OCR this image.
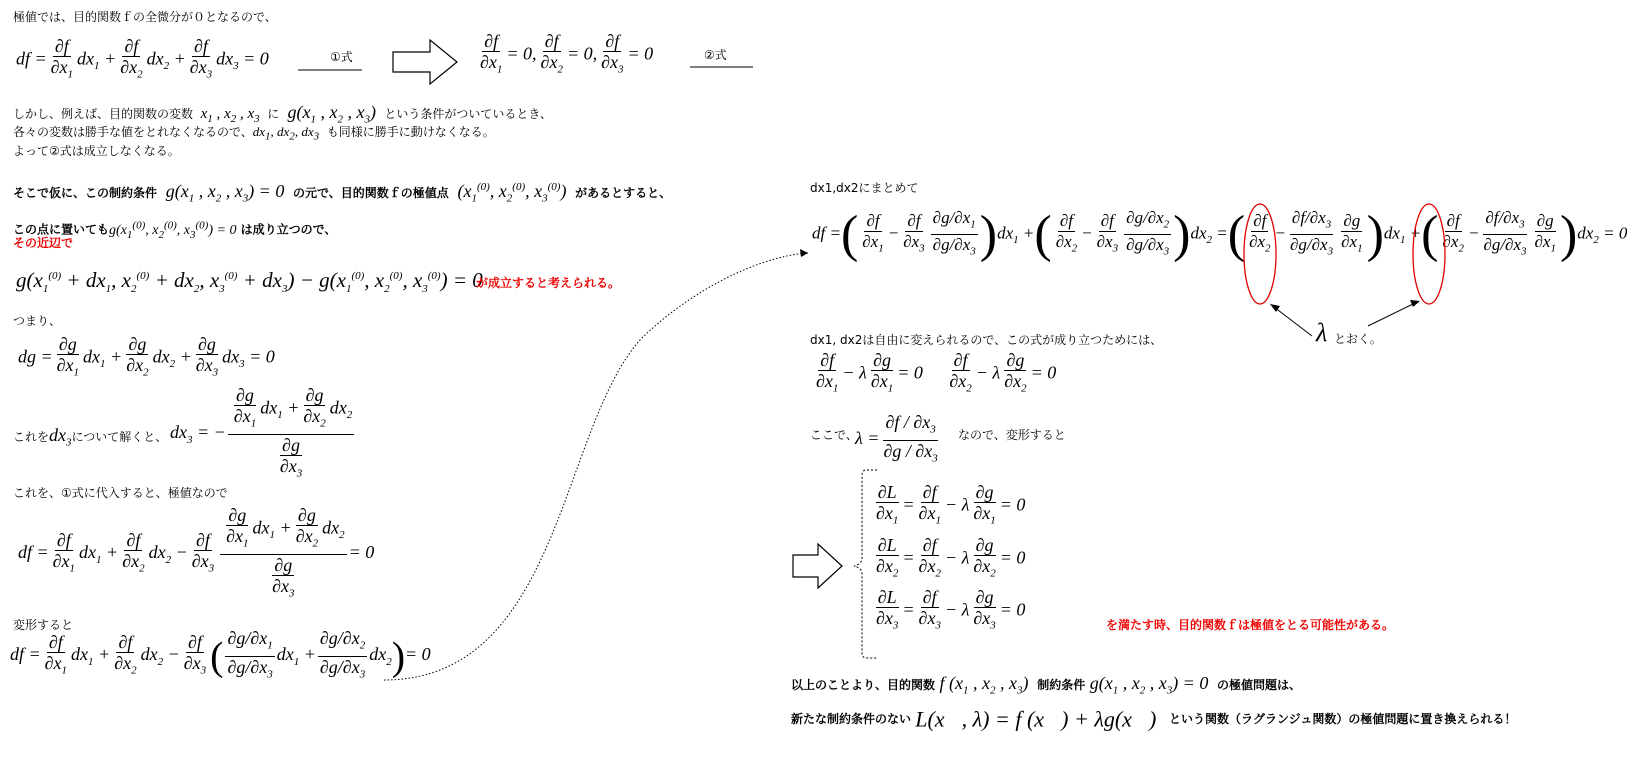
極値では、目的関数ｆの全微分が０となるので、
df = $\frac{\partial f}{\partial x_1} dx_1 + \frac{\partial f}{\partial x_2} dx_2 + \frac{\partial f}{\partial x_3} dx_3 = 0$	①式	$\frac{\partial f}{\partial x_1} = 0$, $\frac{\partial f}{\partial x_2} = 0$, $\frac{\partial f}{\partial x_3} = 0$	②式
しかし、例えば、目的関数の変数  $x_1$ , $x_2$ , $x_3$ に  $g(x_1$ , $x_2$ , $x_3$)  という条件がついているとき、
各々の変数は勝手な値をとれなくなるので、$dx_1$, $dx_2$, $dx_3$ も同様に勝手に動けなくなる。
よって②式は成立しなくなる。
そこで仮に、この制約条件  $g(x_1$ , $x_2$ , $x_3) = 0$  の元で、目的関数ｆの極値点  ($x_1^{(0)}$, $x_2^{(0)}$, $x_3^{(0)}$)  があるとすると、
この点に置いても$g(x_1^{(0)}$, $x_2^{(0)}$, $x_3^{(0)}) = 0$ は成り立つので、
その近辺で
$g(x_1^{(0)} + dx_1$, $x_2^{(0)} + dx_2$, $x_3^{(0)} + dx_3) - g(x_1^{(0)}$, $x_2^{(0)}$, $x_3^{(0)}) = 0$
が成立すると考えられる。
つまり、
dg = $\frac{\partial g}{\partial x_1} dx_1 + \frac{\partial g}{\partial x_2} dx_2 + \frac{\partial g}{\partial x_3} dx_3 = 0$
これを$dx_3$について解くと、 $dx_3$ = − $\frac{\frac{\partial g}{\partial x_1} dx_1 + \frac{\partial g}{\partial x_2} dx_2}{\frac{\partial g}{\partial x_3}}$
これを、①式に代入すると、極値なので
df = $\frac{\partial f}{\partial x_1} dx_1 + \frac{\partial f}{\partial x_2} dx_2 - \frac{\partial f}{\partial x_3} \frac{\frac{\partial g}{\partial x_1} dx_1 + \frac{\partial g}{\partial x_2} dx_2}{\frac{\partial g}{\partial x_3}} = 0$
変形すると
df = $\frac{\partial f}{\partial x_1} dx_1 + \frac{\partial f}{\partial x_2} dx_2 - \frac{\partial f}{\partial x_3}$ ( $\frac{\partial g/\partial x_1}{\partial g/\partial x_3} dx_1 + \frac{\partial g/\partial x_2}{\partial g/\partial x_3} dx_2)= 0$
dx1,dx2にまとめて
df =( $\frac{\partial f}{\partial x_1} - \frac{\partial f}{\partial x_3} \frac{\partial g/\partial x_1}{\partial g/\partial x_3} )dx_1$ +( $\frac{\partial f}{\partial x_2} - \frac{\partial f}{\partial x_3} \frac{\partial g/\partial x_2}{\partial g/\partial x_3} )dx_2$ =( $\frac{\partial f}{\partial x_2} - \frac{\partial f/\partial x_3}{\partial g/\partial x_3} \frac{\partial g}{\partial x_1} )dx_1$ +( $\frac{\partial f}{\partial x_2} - \frac{\partial f/\partial x_3}{\partial g/\partial x_3} \frac{\partial g}{\partial x_1} )dx_2 = 0$
λ とおく。
dx1, dx2は自由に変えられるので、この式が成り立つためには、
$\frac{\partial f}{\partial x_1} - \lambda \frac{\partial g}{\partial x_1} = 0 \frac{\partial f}{\partial x_2} - \lambda \frac{\partial g}{\partial x_2} = 0$
ここで、
$\lambda = \frac{\partial f / \partial x_3}{\partial g / \partial x_3}$ なので、変形すると
$\frac{\partial L}{\partial x_1} = \frac{\partial f}{\partial x_1} - \lambda \frac{\partial g}{\partial x_1} = 0$
$\frac{\partial L}{\partial x_2} = \frac{\partial f}{\partial x_2} - \lambda \frac{\partial g}{\partial x_2} = 0$
$\frac{\partial L}{\partial x_3} = \frac{\partial f}{\partial x_3} - \lambda \frac{\partial g}{\partial x_3} = 0$
を満たす時、目的関数ｆは極値をとる可能性がある。
以上のことより、目的関数 f ($x_1$ , $x_2$ , $x_3$)  制約条件 $g(x_1$ , $x_2$ , $x_3) = 0$  の極値問題は、
新たな制約条件のない L(x⃗, λ) = f (x⃗) + λg(x⃗) という関数（ラグランジュ関数）の極値問題に置き換えられる！
